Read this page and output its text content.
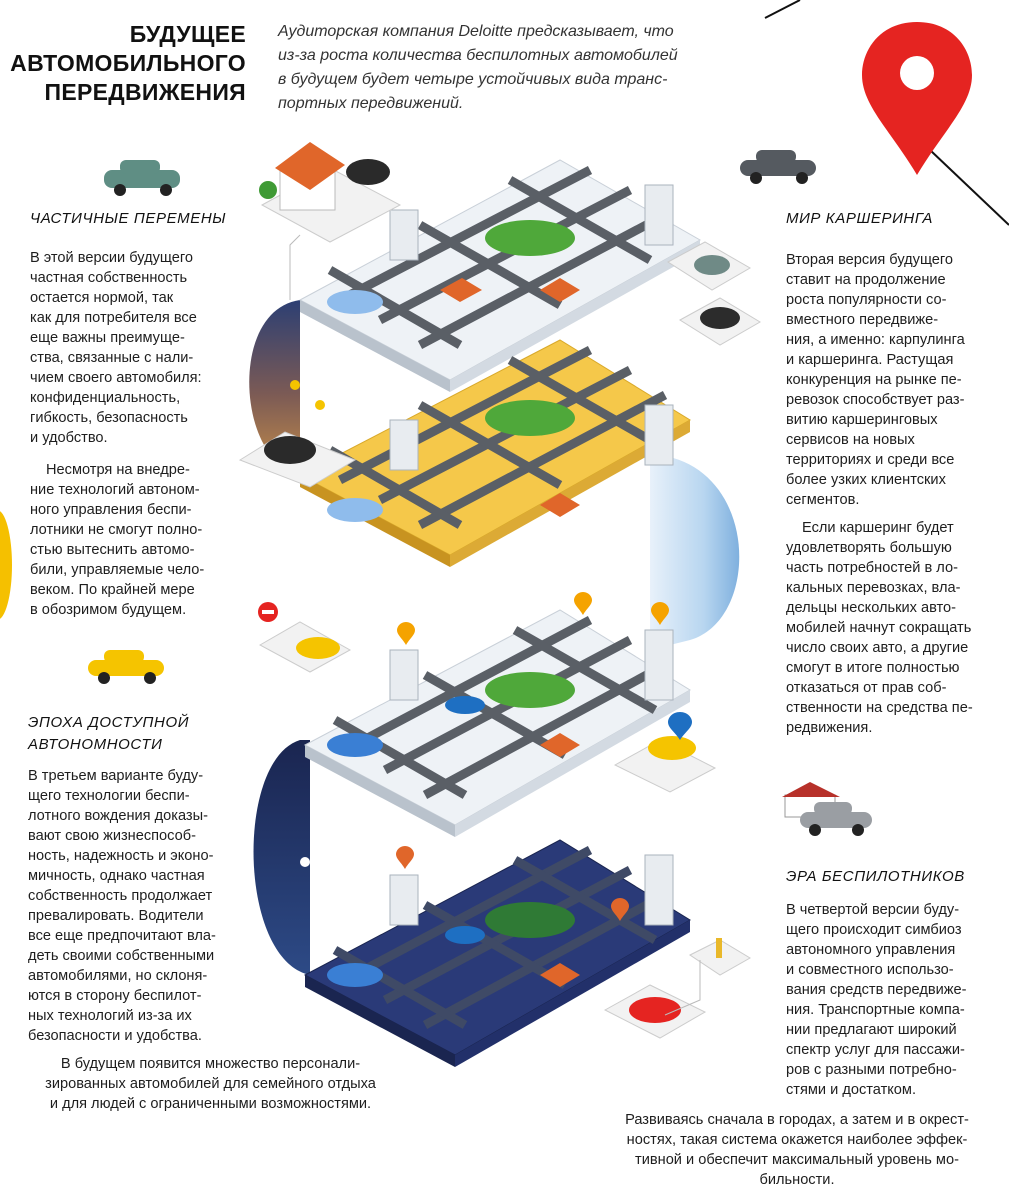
БУДУЩЕЕ
АВТОМОБИЛЬНОГО
ПЕРЕДВИЖЕНИЯ
Аудиторская компания Deloitte предсказывает, что
из-за роста количества беспилотных автомобилей
в будущем будет четыре устойчивых вида транс-
портных передвижений.
ЧАСТИЧНЫЕ ПЕРЕМЕНЫ

В этой версии будущего

частная собственность

остается нормой, так

как для потребителя все

еще важны преимуще-

ства, связанные с нали-

чием своего автомобиля:

конфиденциальность,

гибкость, безопасность

и удобство.

Несмотря на внедре-

ние технологий автоном-

ного управления беспи-

лотники не смогут полно-

стью вытеснить автомо-

били, управляемые чело-

веком. По крайней мере

в обозримом будущем.

МИР КАРШЕРИНГА

Вторая версия будущего

ставит на продолжение

роста популярности со-

вместного передвиже-

ния, а именно: карпулинга

и каршеринга. Растущая

конкуренция на рынке пе-

ревозок способствует раз-

витию каршеринговых

сервисов на новых

территориях и среди все

более узких клиентских

сегментов.

Если каршеринг будет

удовлетворять большую

часть потребностей в ло-

кальных перевозках, вла-

дельцы нескольких авто-

мобилей начнут сокращать

число своих авто, а другие

смогут в итоге полностью

отказаться от прав соб-

ственности на средства пе-

редвижения.

ЭПОХА ДОСТУПНОЙ
АВТОНОМНОСТИ

В третьем варианте буду-

щего технологии беспи-

лотного вождения доказы-

вают свою жизнеспособ-

ность, надежность и эконо-

мичность, однако частная

собственность продолжает

превалировать. Водители

все еще предпочитают вла-

деть своими собственными

автомобилями, но склоня-

ются в сторону беспилот-

ных технологий из-за их

безопасности и удобства.

В будущем появится множество персонали-

зированных автомобилей для семейного отдыха

и для людей с ограниченными возможностями.

ЭРА БЕСПИЛОТНИКОВ

В четвертой версии буду-

щего происходит симбиоз

автономного управления

и совместного использо-

вания средств передвиже-

ния. Транспортные компа-

нии предлагают широкий

спектр услуг для пассажи-

ров с разными потребно-

стями и достатком.

Развиваясь сначала в городах, а затем и в окрест-

ностях, такая система окажется наиболее эффек-

тивной и обеспечит максимальный уровень мо-

бильности.
